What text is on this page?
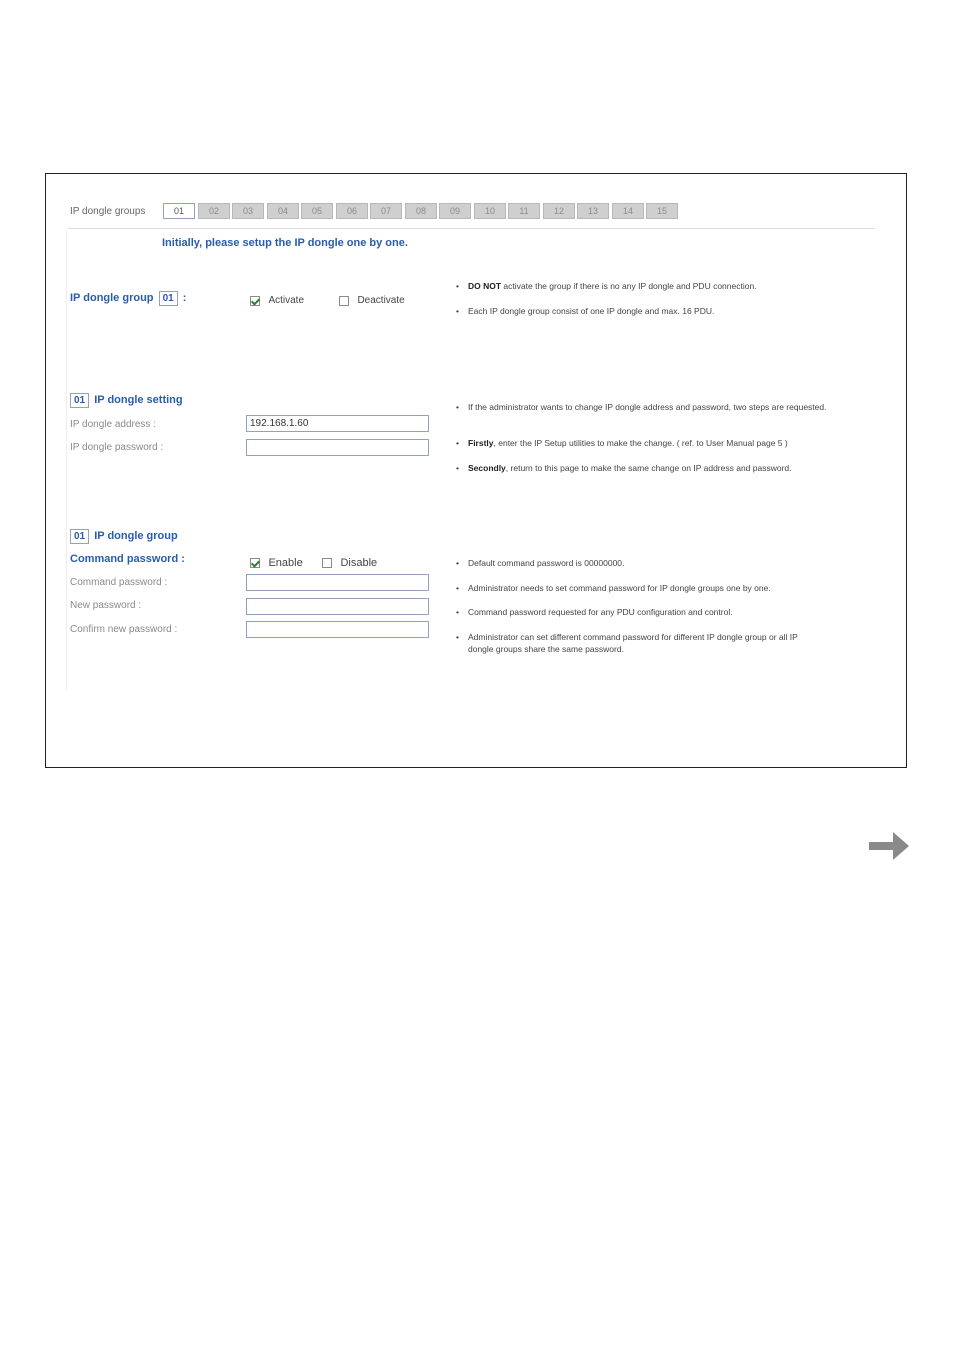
IP dongle groups	01	02	03	04	05	06	07	08	09	10	11	12	13	14	15
Initially, please setup the IP dongle one by one.
IP dongle group 01 :	Activate	Deactivate
• DO NOT activate the group if there is no any IP dongle and PDU connection.
• Each IP dongle group consist of one IP dongle and max. 16 PDU.
01 IP dongle setting
IP dongle address :
192.168.1.60
IP dongle password :
• If the administrator wants to change IP dongle address and password, two steps are requested.
• Firstly, enter the IP Setup utilities to make the change. ( ref. to User Manual page 5 )
• Secondly, return to this page to make the same change on IP address and password.
01 IP dongle group
Command password :	Enable	Disable
Command password :
New password :
Confirm new password :
• Default command password is 00000000.
• Administrator needs to set command password for IP dongle groups one by one.
• Command password requested for any PDU configuration and control.
• Administrator can set different command password for different IP dongle group or all IP dongle groups share the same password.
